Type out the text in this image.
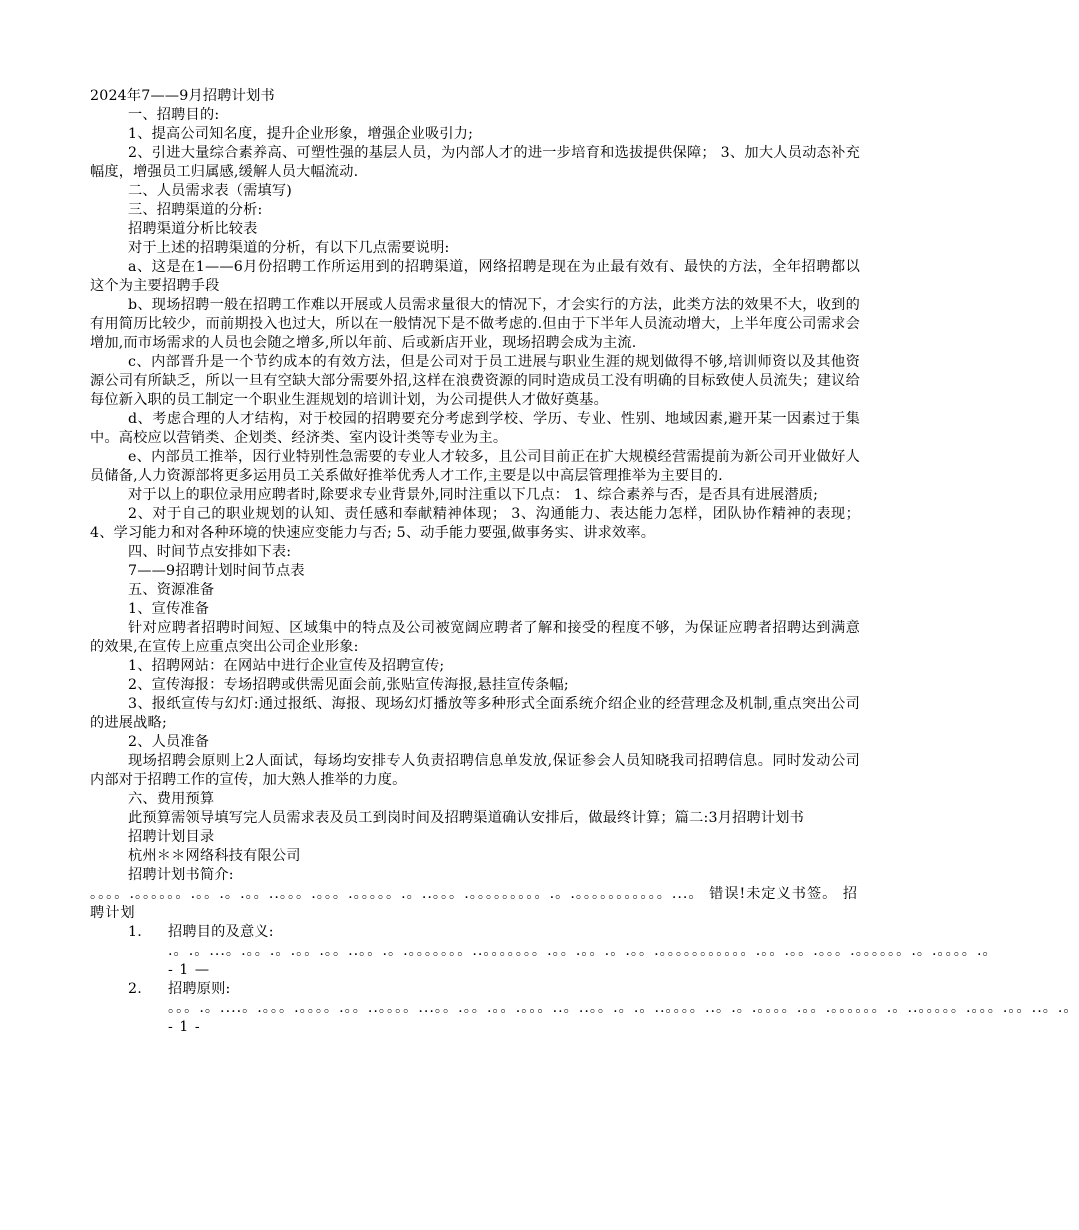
2024年7——9月招聘计划书

一、招聘目的:

1、提高公司知名度，提升企业形象，增强企业吸引力;

2、引进大量综合素养高、可塑性强的基层人员，为内部人才的进一步培育和选拔提供保障； 3、加大人员动态补充幅度，增强员工归属感,缓解人员大幅流动.

二、人员需求表（需填写)

三、招聘渠道的分析:

招聘渠道分析比较表

对于上述的招聘渠道的分析，有以下几点需要说明:

a、这是在1——6月份招聘工作所运用到的招聘渠道，网络招聘是现在为止最有效有、最快的方法，全年招聘都以这个为主要招聘手段

b、现场招聘一般在招聘工作难以开展或人员需求量很大的情况下，才会实行的方法，此类方法的效果不大，收到的有用简历比较少，而前期投入也过大，所以在一般情况下是不做考虑的.但由于下半年人员流动增大，上半年度公司需求会增加,而市场需求的人员也会随之增多,所以年前、后或新店开业，现场招聘会成为主流.

c、内部晋升是一个节约成本的有效方法，但是公司对于员工进展与职业生涯的规划做得不够,培训师资以及其他资源公司有所缺乏，所以一旦有空缺大部分需要外招,这样在浪费资源的同时造成员工没有明确的目标致使人员流失；建议给每位新入职的员工制定一个职业生涯规划的培训计划，为公司提供人才做好奠基。

d、考虑合理的人才结构，对于校园的招聘要充分考虑到学校、学历、专业、性别、地域因素,避开某一因素过于集中。高校应以营销类、企划类、经济类、室内设计类等专业为主。

e、内部员工推举，因行业特别性急需要的专业人才较多，且公司目前正在扩大规模经营需提前为新公司开业做好人员储备,人力资源部将更多运用员工关系做好推举优秀人才工作,主要是以中高层管理推举为主要目的.

对于以上的职位录用应聘者时,除要求专业背景外,同时注重以下几点： 1、综合素养与否，是否具有进展潜质;

2、对于自己的职业规划的认知、责任感和奉献精神体现； 3、沟通能力、表达能力怎样，团队协作精神的表现； 4、学习能力和对各种环境的快速应变能力与否; 5、动手能力要强,做事务实、讲求效率。

四、时间节点安排如下表:

7——9招聘计划时间节点表

五、资源准备

1、宣传准备

针对应聘者招聘时间短、区域集中的特点及公司被宽阔应聘者了解和接受的程度不够，为保证应聘者招聘达到满意的效果,在宣传上应重点突出公司企业形象:

1、招聘网站：在网站中进行企业宣传及招聘宣传;

2、宣传海报：专场招聘或供需见面会前,张贴宣传海报,悬挂宣传条幅;

3、报纸宣传与幻灯:通过报纸、海报、现场幻灯播放等多种形式全面系统介绍企业的经营理念及机制,重点突出公司的进展战略;

2、人员准备

现场招聘会原则上2人面试，每场均安排专人负责招聘信息单发放,保证参会人员知晓我司招聘信息。同时发动公司内部对于招聘工作的宣传，加大熟人推举的力度。

六、费用预算

此预算需领导填写完人员需求表及员工到岗时间及招聘渠道确认安排后，做最终计算；篇二:3月招聘计划书

招聘计划目录

杭州＊＊网络科技有限公司

招聘计划书简介:

。。。。.。。。。。。.。。.。.。。..。。。.。。。.。。。。。.。..。。。.。。。。。。。。。.。.。。。。。。。。。。。...。 错误!未定义书签。 招聘计划

1.	招聘目的及意义:

.。.。...。.。。.。.。。.。。..。。.。.。。。。。。。..。。。。。。。.。。.。。.。.。。.。。。。。。。。。。。.。。.。。.。。。.。。。。。。.。.。。。。.。 - 1 —

2.	招聘原则:

。。。.。....。.。。。.。。。。.。。..。。。。...。。.。。.。。.。。。..。..。。.。.。..。。。。..。.。.。。。。.。。.。。。。。。.。..。。。。。.。。。.。。..。.。 - 1 -
